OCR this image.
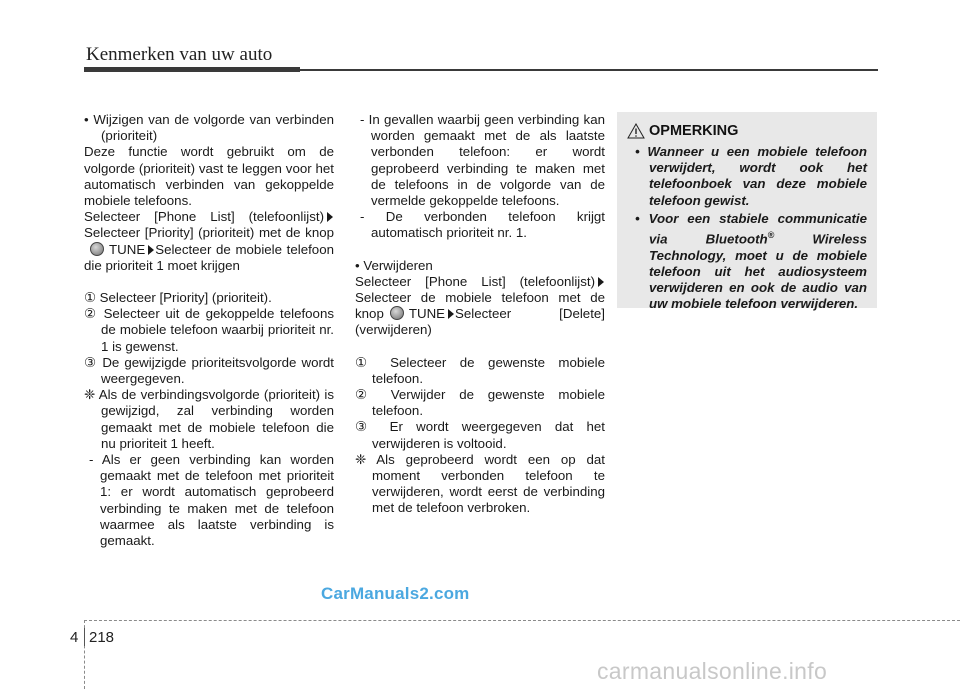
Kenmerken van uw auto

• Wijzigen van de volgorde van verbinden (prioriteit)

Deze functie wordt gebruikt om de volgorde (prioriteit) vast te leggen voor het automatisch verbinden van gekoppelde mobiele telefoons.

Selecteer [Phone List] (telefoonlijst) Selecteer [Priority] (prioriteit) met de knopTUNE Selecteer de mobiele telefoon die prioriteit 1 moet krijgen

① Selecteer [Priority] (prioriteit).

② Selecteer uit de gekoppelde telefoons de mobiele telefoon waarbij prioriteit nr. 1 is gewenst.

③ De gewijzigde prioriteitsvolgorde wordt weergegeven.

❈ Als de verbindingsvolgorde (prioriteit) is gewijzigd, zal verbinding worden gemaakt met de mobiele telefoon die nu prioriteit 1 heeft.

- Als er geen verbinding kan worden gemaakt met de telefoon met prioriteit 1: er wordt automatisch geprobeerd verbinding te maken met de telefoon waarmee als laatste verbinding is gemaakt.

- In gevallen waarbij geen verbinding kan worden gemaakt met de als laatste verbonden telefoon: er wordt geprobeerd verbinding te maken met de telefoons in de volgorde van de vermelde gekoppelde telefoons.

- De verbonden telefoon krijgt automatisch prioriteit nr. 1.

• Verwijderen

Selecteer [Phone List] (telefoonlijst) Selecteer de mobiele telefoon met de knop TUNE Selecteer [Delete] (verwijderen)

① Selecteer de gewenste mobiele telefoon.

② Verwijder de gewenste mobiele telefoon.

③ Er wordt weergegeven dat het verwijderen is voltooid.

❈ Als geprobeerd wordt een op dat moment verbonden telefoon te verwijderen, wordt eerst de verbinding met de telefoon verbroken.

OPMERKING
• Wanneer u een mobiele telefoon verwijdert, wordt ook het telefoonboek van deze mobiele telefoon gewist.
• Voor een stabiele communicatie via Bluetooth® Wireless Technology, moet u de mobiele telefoon uit het audiosysteem verwijderen en ook de audio van uw mobiele telefoon verwijderen.
CarManuals2.com
4 218
carmanualsonline.info
